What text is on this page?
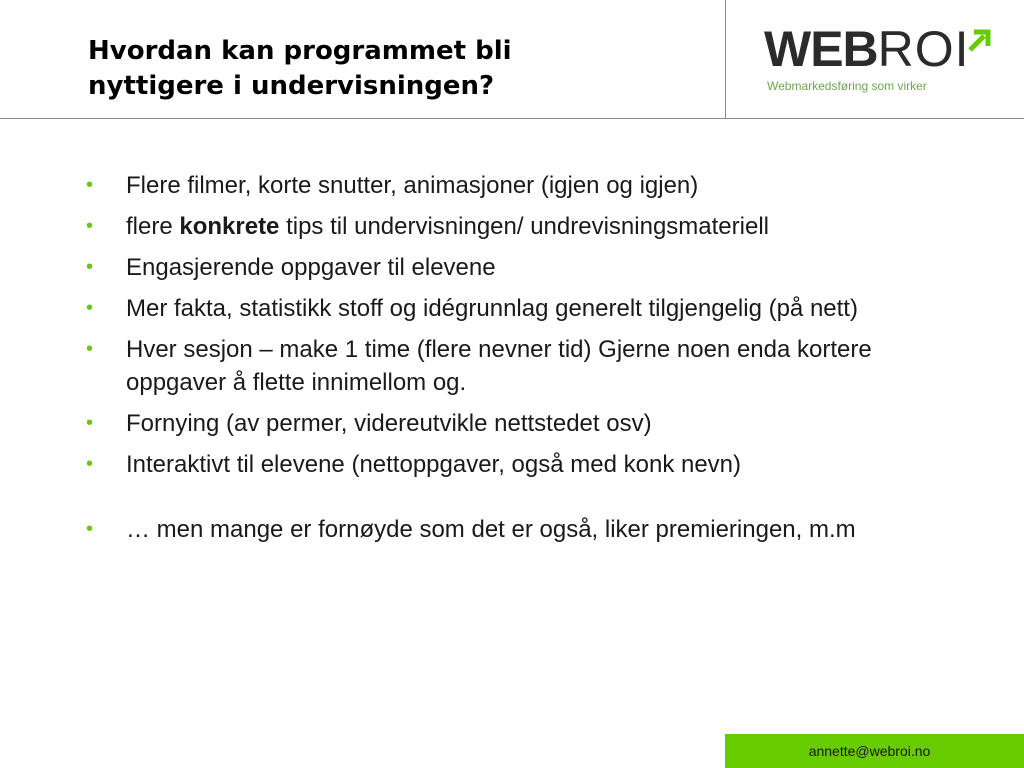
Hvordan kan programmet bli
nyttigere i undervisningen?
WEBROI
Webmarkedsføring som virker
• Flere filmer, korte snutter, animasjoner (igjen og igjen)
• flere konkrete tips til undervisningen/ undrevisningsmateriell
• Engasjerende oppgaver til elevene
• Mer fakta, statistikk stoff og idégrunnlag generelt tilgjengelig (på nett)
• Hver sesjon – make 1 time (flere nevner tid) Gjerne noen enda kortere oppgaver å flette innimellom og.
• Fornying (av permer, videreutvikle nettstedet osv)
• Interaktivt til elevene (nettoppgaver, også med konk nevn)
• … men mange er fornøyde som det er også, liker premieringen, m.m
annette@webroi.no
